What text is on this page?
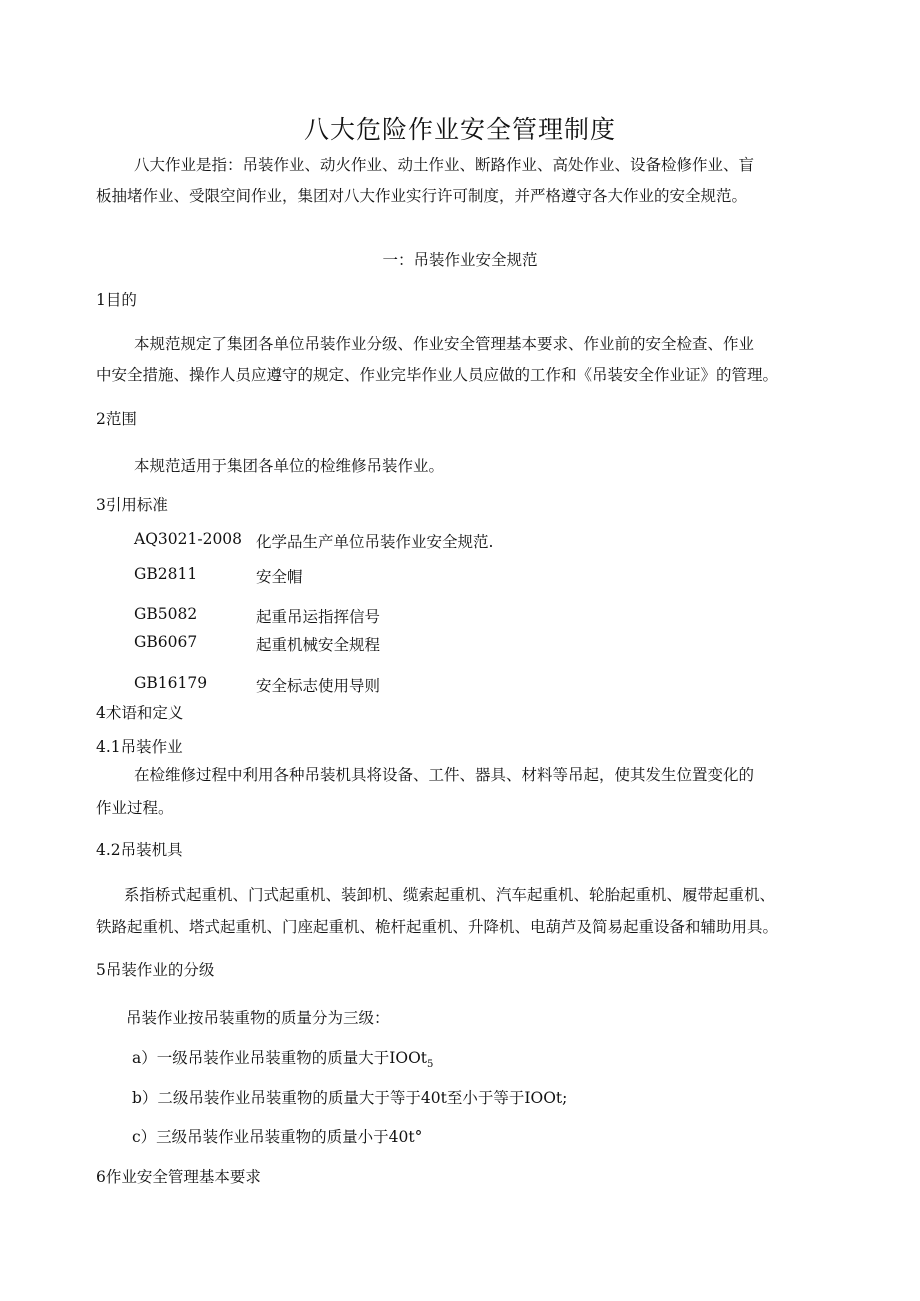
八大危险作业安全管理制度
八大作业是指：吊装作业、动火作业、动土作业、断路作业、高处作业、设备检修作业、盲
板抽堵作业、受限空间作业，集团对八大作业实行许可制度，并严格遵守各大作业的安全规范。
一：吊装作业安全规范
1目的
本规范规定了集团各单位吊装作业分级、作业安全管理基本要求、作业前的安全检查、作业
中安全措施、操作人员应遵守的规定、作业完毕作业人员应做的工作和《吊装安全作业证》的管理。
2范围
本规范适用于集团各单位的检维修吊装作业。
3引用标准
AQ3021-2008 化学品生产单位吊装作业安全规范.
GB2811	安全帽
GB5082	起重吊运指挥信号
GB6067	起重机械安全规程
GB16179	安全标志使用导则
4术语和定义
4.1吊装作业
在检维修过程中利用各种吊装机具将设备、工件、器具、材料等吊起，使其发生位置变化的
作业过程。
4.2吊装机具
系指桥式起重机、门式起重机、装卸机、缆索起重机、汽车起重机、轮胎起重机、履带起重机、
铁路起重机、塔式起重机、门座起重机、桅杆起重机、升降机、电葫芦及简易起重设备和辅助用具。
5吊装作业的分级
吊装作业按吊装重物的质量分为三级：
a）一级吊装作业吊装重物的质量大于IOOt$_5$
b）二级吊装作业吊装重物的质量大于等于40t至小于等于IOOt;
c）三级吊装作业吊装重物的质量小于40t°
6作业安全管理基本要求
